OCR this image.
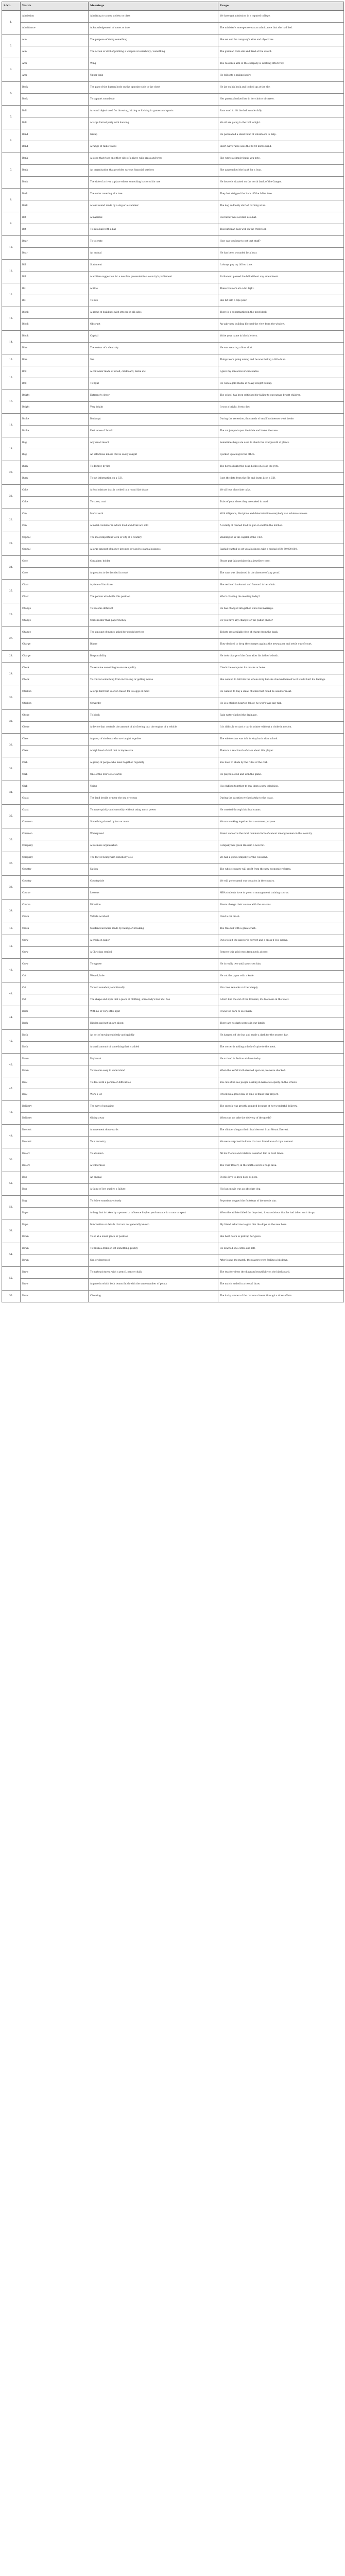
S.No.	Words	Meanings	Usage
1.	Admission	Admitting to a new society or class	We have got admission in a reputed college.
	Admittance	Acknowledgement of some as true	The minister's emergence was an admittance that she had lied.
2.	Aim	The purpose of doing something	She set out the company's aims and objectives.
	Aim	The action or skill of pointing a weapon at somebody / something	The gunman took aim and fired at the crowd.
3.	Arm	Wing	The research arm of the company is working effectively.
	Arm	Upper limb	He fell onto a railing badly.
4.	Back	The part of the human body on the opposite side to the chest	He lay on his back and looked up at the sky.
	Back	To support somebody	Her parents backed her in her choice of career.
5.	Ball	A round object used for throwing, hitting or kicking in games and sports	Ram used to hit the ball wonderfully.
	Ball	A large formal party with dancing	We all are going to the ball tonight.
6.	Band	Group	He persuaded a small band of volunteers to help.
	Band	A range of radio waves	Short-wave radio uses the 20-50 metre band.
7.	Bank	A slope that rises on either side of a river, with grass and trees	She wrote a simple thank you note.
	Bank	An organisation that provides various financial services	She approached the bank for a loan.
	Bank	The side of a river, a place where something is stored for use	He house is situated on the north bank of the Ganges.
8.	Bark	The outer covering of a tree	They had stripped the bark off the fallen tree.
	Bark	A loud sound made by a dog or a stammer	The dog suddenly started barking at us.
9.	Bat	A mammal	His father was as blind as a bat.
	Bat	To hit a ball with a bat	This batsman bats well on the front foot.
10.	Bear	To tolerate	How can you bear to eat that stuff?
	Bear	An animal	He has been wounded by a bear.
11.	Bill	Statement	I always pay my bill on time.
	Bill	A written suggestion for a new law presented to a country's parliament	Parliament passed the bill without any amendment.
12.	Bit	A little	These trousers are a bit tight.
	Bit	To bite	She bit into a ripe pear.
13.	Block	A group of buildings with streets on all sides	There is a supermarket in the next block.
	Block	Obstruct	An ugly new building blocked the view from the window.
14.	Block	Capital	Write your name in block letters.
	Blue	The colour of a clear sky	He was wearing a blue shirt.
15.	Blue	Sad	Things were going wrong and he was feeling a little blue.
16.	Box	A container made of wood, cardboard, metal etc.	I gave my son a box of chocolates.
	Box	To fight	He won a gold medal in heavy weight boxing.
17.	Bright	Extremely clever	The school has been criticised for failing to encourage bright children.
	Bright	Very bright	It was a bright, frosty day.
18.	Broke	Bankrupt	During the recession, thousands of small businesses went broke.
	Broke	Past tense of 'break'	The cat jumped upon the table and broke the vase.
19.	Bug	Any small insect	Sometimes bugs are used to check the overgrowth of plants.
	Bug	An infectious illness that is easily caught	I picked up a bug in the office.
20.	Burn	To destroy by fire	The heroes burnt the dead bodies in close the pyre.
	Burn	To put information on a C.D.	I got the data from the file and burnt it on a C.D.
21.	Cake	A food mixture that is cooked in a round flat shape	We all love chocolate cake.
	Cake	To cover, coat	Tubs of your shoes they are caked in mud.
22.	Can	Modal verb	With diligence, discipline and determination everybody can achieve success.
	Can	A metal container in which food and drink are sold	A variety of canned food be put on shelf in the kitchen.
23.	Capital	The most important town or city of a country	Washington is the capital of the USA.
	Capital	A large amount of money invested or used to start a business	Rashid wanted to set up a business with a capital of Rs 50,000,000.
24.	Case	Container, holder	Please put this necklace in a jewellery case.
	Case	A question to be decided in court	The case was dismissed in the absence of any proof.
25.	Chair	A piece of furniture	She reclined backward and forward in her chair.
	Chair	The person who holds this position	Who's chairing the meeting today?
26.	Change	To become different	He has changed altogether since his marriage.
	Change	Coins rather than paper money	Do you have any change for the public phone?
27.	Change	The amount of money asked for goods/services	Tickets are available free of charge from the bank.
	Charge	Blame	They decided to drop the charges against the newspaper and settle out of court.
28.	Charge	Responsibility	He took charge of the farm after his father's death.
29.	Check	To examine something to ensure quality	Check the computer for cracks or leaks.
	Check	To control something from increasing or getting worse	She wanted to tell him the whole story but she checked herself as it would hurt his feelings.
30.	Chicken	A large bird that is often raised for its eggs or meat	He wanted to buy a small chicken that could be used for meat.
	Chicken	Cowardly	He is a chicken-hearted fellow, he won't take any risk.
31.	Choke	To block	Rain water choked the drainage.
	Choke	A device that controls the amount of air flowing into the engine of a vehicle	It is difficult to start a car in winter without a choke in motion.
32.	Class	A group of students who are taught together	The whole class was told to stay back after school.
	Class	A high level of skill that is impressive	There is a real touch of class about this player.
33.	Club	A group of people who meet together regularly	You have to abide by the rules of the club.
	Club	One of the four set of cards	He played a club and won the game.
34.	Club	Using	His clubbed together to buy them a new television.
	Coast	The land beside or near the sea or ocean	During the vacation we had a trip to the coast.
35.	Coast	To move quickly and smoothly without using much power	He coasted through his final exams.
	Common	Something shared by two or more	We are working together for a common purpose.
36.	Common	Widespread	Breast cancer is the most common form of cancer among women in this country.
	Company	A business organisation	Company has given Hussain a new flat.
37.	Company	The fact of being with somebody else	We had a good company for the weekend.
	Country	Nation	The whole country will profit from the new economic reforms.
38.	Country	Countryside	We will go to spend our vacation in the country.
	Course	Lessons	MBA students have to go on a management training course.
39.	Course	Direction	Rivers change their course with the seasons.
	Crash	Vehicle accident	I had a car crash.
40.	Crash	Sudden loud noise made by falling or breaking	The tree fell with a great crash.
41.	Crow	A crash on paper	Put a tick if the answer is correct and a cross if it is wrong.
	Crow	A Christian symbol	Remove this gold cross from neck, please.
42.	Crow	To oppose	He is really two until you cross him.
	Cut	Wound, hole	He cut the paper with a knife.
43.	Cut	To hurt somebody emotionally	His cruel remarks cut her deeply.
	Cut	The shape and style that a piece of clothing, somebody's hair etc. has	I don't like the cut of the trousers, it's too loose in the waist.
44.	Dark	With no or very little light	It was too dark to see much.
	Dark	Hidden and not known about	There are no dark secrets in our family.
45.	Dash	An act of moving suddenly and quickly	He jumped off the bus and made a dash for the nearest bar.
	Dash	A small amount of something that is added	The corner is adding a dash of spice to the meat.
46.	Dawn	Daybreak	He arrived in Rohtas at dawn today.
	Dawn	To become easy to understand	When the awful truth dawned upon us, we were shocked.
47.	Deal	To deal with a person or difficulties	You can often see people dealing in narcotics openly on the streets.
	Deal	Work a lot	It took us a great deal of time to finish this project.
48.	Delivery	The way of speaking	The speech was greatly admired because of her wonderful delivery.
	Delivery	Giving away	When can we take the delivery of the goods?
49.	Descent	A movement downwards	The climbers began their final descent from Mount Everest.
	Descent	Your ancestry	We were surprised to know that our friend was of royal descent.
50.	Desert	To abandon	All his friends and relatives deserted him in hard times.
	Desert	A wilderness	The Thar Desert, in the north covers a huge area.
51.	Dog	An animal	People love to keep dogs as pets.
	Dog	A thing of low quality, a failure	His last movie was an absolute dog.
52.	Dog	To follow somebody closely	Reporters dogged the footsteps of the movie star.
	Dope	A drug that is taken by a person to influence his/her performance in a race or sport	When the athlete failed the dope test, it was obvious that he had taken such drugs.
53.	Dope	Information or details that are not generally known	My friend asked me to give him the dope on the new boss.
	Down	To or at a lower place or position	She bent down to pick up her glove.
54.	Down	To finish a drink or eat something quickly	He downed one coffee and left.
	Down	Sad or depressed	After losing the match, the players were feeling a bit down.
55.	Draw	To make pictures, with a pencil, pen or chalk	The teacher drew the diagram beautifully on the blackboard.
	Draw	A game in which both teams finish with the same number of points	The match ended in a two all draw.
56.	Draw	Choosing	The lucky winner of the car was chosen through a draw of lots.
